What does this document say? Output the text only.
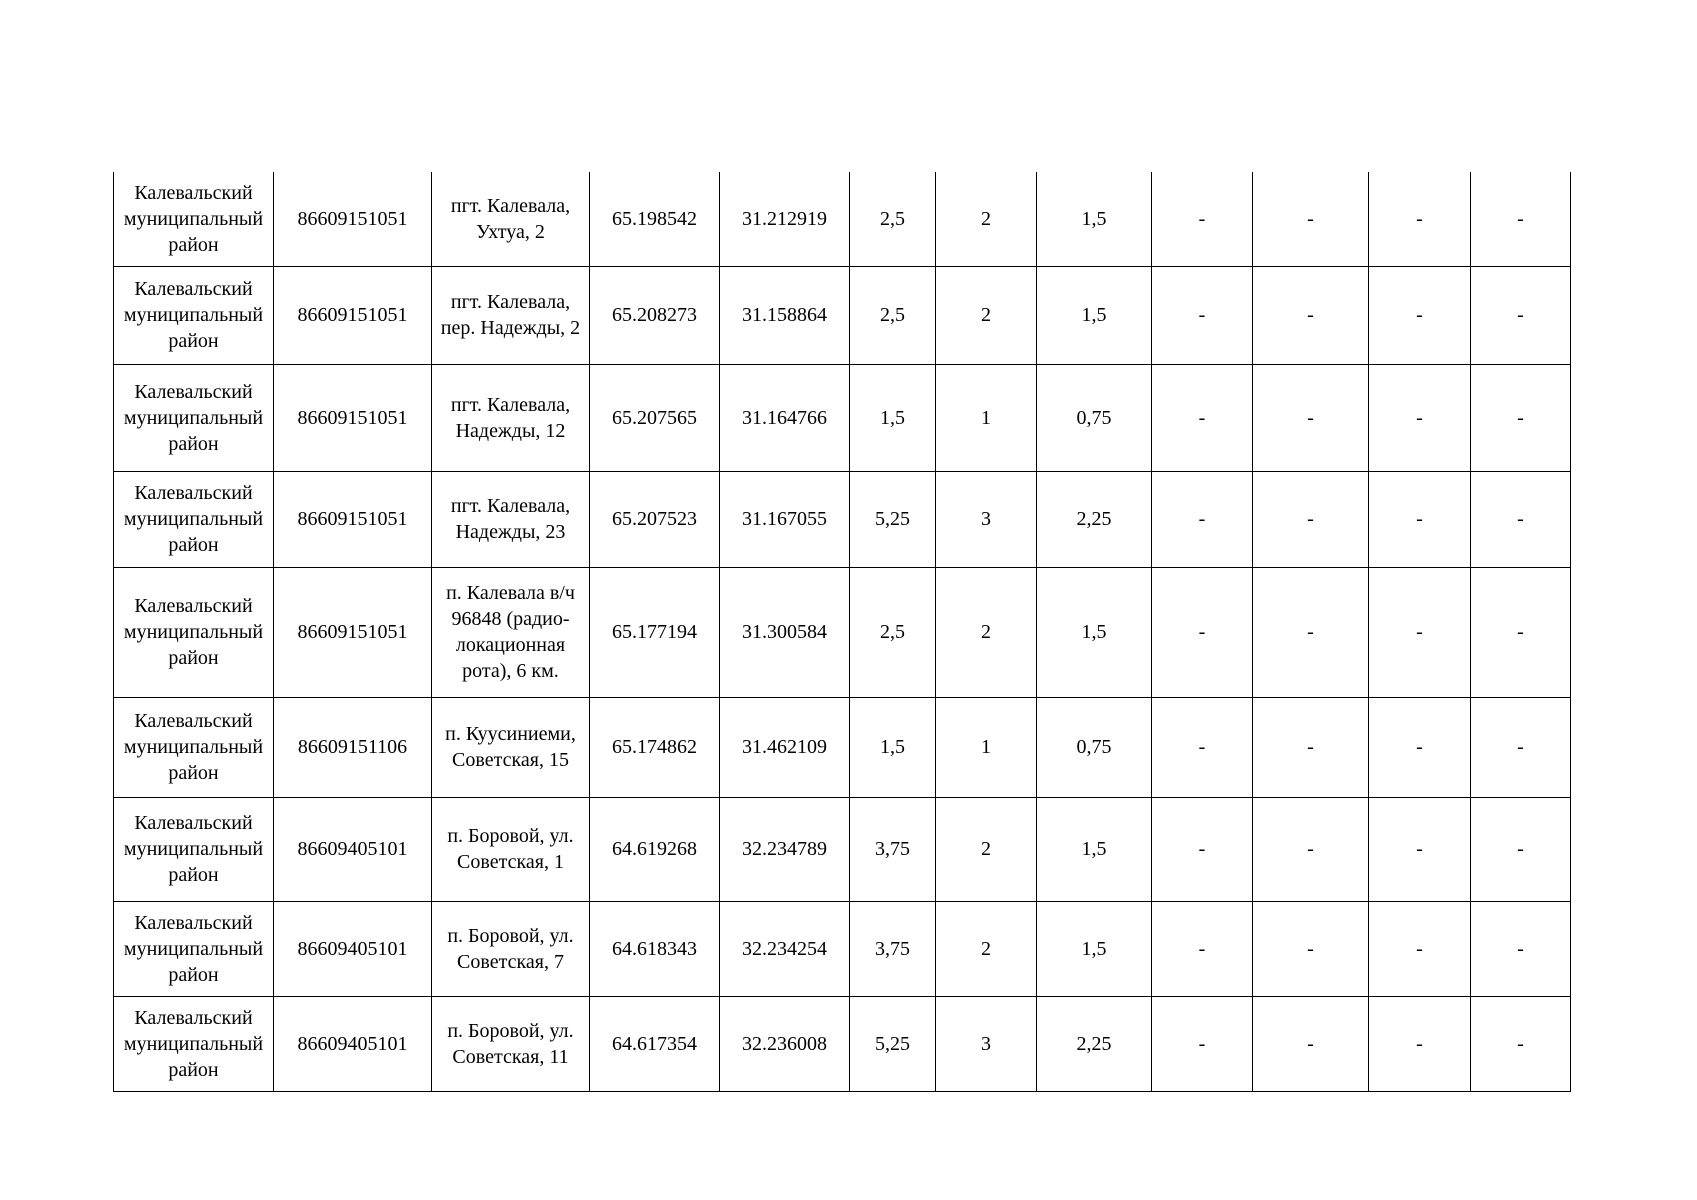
Калевальский муниципальный район	86609151051	пгт. Калевала, Ухтуа, 2	65.198542	31.212919	2,5	2	1,5	-	-	-	-
Калевальский муниципальный район	86609151051	пгт. Калевала, пер. Надежды, 2	65.208273	31.158864	2,5	2	1,5	-	-	-	-
Калевальский муниципальный район	86609151051	пгт. Калевала, Надежды, 12	65.207565	31.164766	1,5	1	0,75	-	-	-	-
Калевальский муниципальный район	86609151051	пгт. Калевала, Надежды, 23	65.207523	31.167055	5,25	3	2,25	-	-	-	-
Калевальский муниципальный район	86609151051	п. Калевала в/ч 96848 (радио-локационная рота), 6 км.	65.177194	31.300584	2,5	2	1,5	-	-	-	-
Калевальский муниципальный район	86609151106	п. Куусиниеми, Советская, 15	65.174862	31.462109	1,5	1	0,75	-	-	-	-
Калевальский муниципальный район	86609405101	п. Боровой, ул. Советская, 1	64.619268	32.234789	3,75	2	1,5	-	-	-	-
Калевальский муниципальный район	86609405101	п. Боровой, ул. Советская, 7	64.618343	32.234254	3,75	2	1,5	-	-	-	-
Калевальский муниципальный район	86609405101	п. Боровой, ул. Советская, 11	64.617354	32.236008	5,25	3	2,25	-	-	-	-
